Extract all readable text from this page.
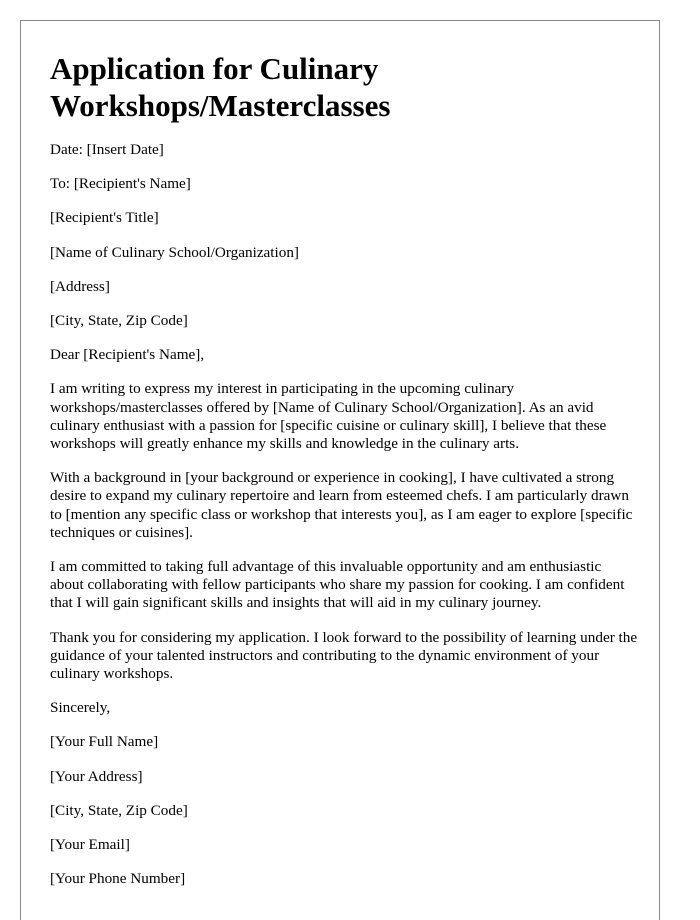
Application for Culinary Workshops/Masterclasses

Date: [Insert Date]

To: [Recipient's Name]

[Recipient's Title]

[Name of Culinary School/Organization]

[Address]

[City, State, Zip Code]

Dear [Recipient's Name],

I am writing to express my interest in participating in the upcoming culinary workshops/masterclasses offered by [Name of Culinary School/Organization]. As an avid culinary enthusiast with a passion for [specific cuisine or culinary skill], I believe that these workshops will greatly enhance my skills and knowledge in the culinary arts.

With a background in [your background or experience in cooking], I have cultivated a strong desire to expand my culinary repertoire and learn from esteemed chefs. I am particularly drawn to [mention any specific class or workshop that interests you], as I am eager to explore [specific techniques or cuisines].

I am committed to taking full advantage of this invaluable opportunity and am enthusiastic about collaborating with fellow participants who share my passion for cooking. I am confident that I will gain significant skills and insights that will aid in my culinary journey.

Thank you for considering my application. I look forward to the possibility of learning under the guidance of your talented instructors and contributing to the dynamic environment of your culinary workshops.

Sincerely,

[Your Full Name]

[Your Address]

[City, State, Zip Code]

[Your Email]

[Your Phone Number]
